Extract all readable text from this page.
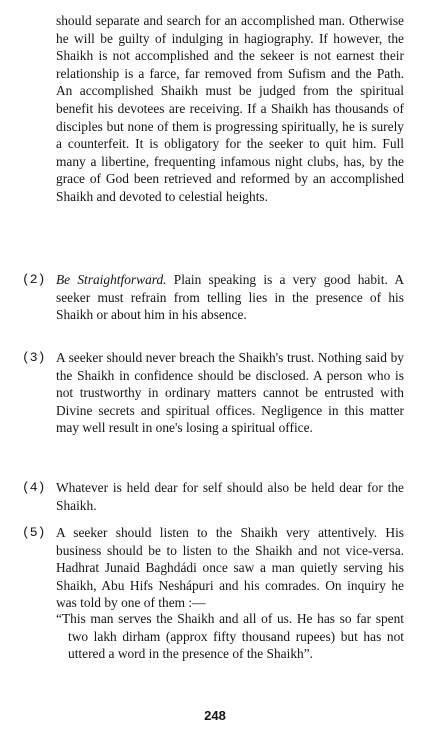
should separate and search for an accomplished man. Otherwise he will be guilty of indulging in hagiography. If however, the Shaikh is not accomplished and the sekeer is not earnest their relationship is a farce, far removed from Sufism and the Path. An accomplished Shaikh must be judged from the spiritual benefit his devotees are receiving. If a Shaikh has thousands of disciples but none of them is progressing spiritually, he is surely a counterfeit. It is obligatory for the seeker to quit him. Full many a libertine, frequenting infamous night clubs, has, by the grace of God been retrieved and reformed by an accomplished Shaikh and devoted to celestial heights.
(2) Be Straightforward. Plain speaking is a very good habit. A seeker must refrain from telling lies in the presence of his Shaikh or about him in his absence.
(3) A seeker should never breach the Shaikh's trust. Nothing said by the Shaikh in confidence should be disclosed. A person who is not trustworthy in ordinary matters cannot be entrusted with Divine secrets and spiritual offices. Negligence in this matter may well result in one's losing a spiritual office.
(4) Whatever is held dear for self should also be held dear for the Shaikh.
(5) A seeker should listen to the Shaikh very attentively. His business should be to listen to the Shaikh and not vice-versa. Hadhrat Junaid Baghdádi once saw a man quietly serving his Shaikh, Abu Hifs Neshápuri and his comrades. On inquiry he was told by one of them :—
“This man serves the Shaikh and all of us. He has so far spent two lakh dirham (approx fifty thousand rupees) but has not uttered a word in the presence of the Shaikh”.
248
